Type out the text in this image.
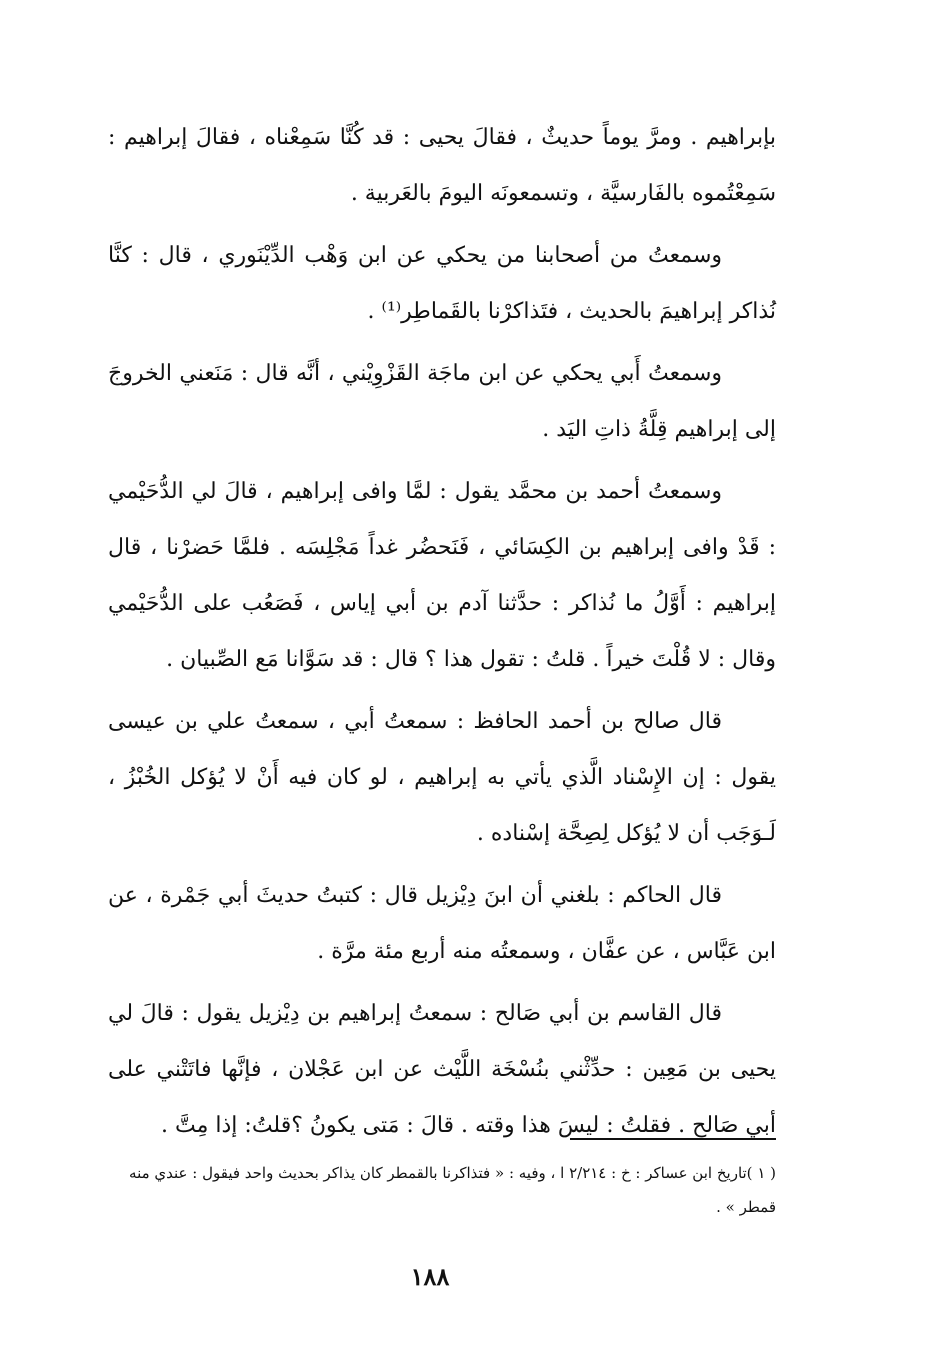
بإبراهيم . ومرَّ يوماً حديثٌ ، فقالَ يحيى : قد كُنَّا سَمِعْناه ، فقالَ إبراهيم : سَمِعْتُموه بالفَارسيَّة ، وتسمعونَه اليومَ بالعَربية .

وسمعتُ من أصحابنا من يحكي عن ابن وَهْب الدِّيْنَوري ، قال : كنَّا نُذاكر إبراهيمَ بالحديث ، فتَذاكرْنا بالقَماطِر⁽¹⁾ .

وسمعتُ أَبي يحكي عن ابن ماجَة القَزْوِيْني ، أنَّه قال : مَنَعني الخروجَ إلى إبراهيم قِلَّةُ ذاتِ اليَد .

وسمعتُ أحمد بن محمَّد يقول : لمَّا وافى إبراهيم ، قالَ لي الدُّحَيْمي : قَدْ وافى إبراهيم بن الكِسَائي ، فَنَحضُر غداً مَجْلِسَه . فلمَّا حَضرْنا ، قال إبراهيم : أَوَّلُ ما نُذاكر : حدَّثنا آدم بن أبي إياس ، فَصَعُب على الدُّحَيْمي وقال : لا قُلْتَ خيراً . قلتُ : تقول هذا ؟ قال : قد سَوَّانا مَع الصِّبيان .

قال صالح بن أحمد الحافظ : سمعتُ أبي ، سمعتُ علي بن عيسى يقول : إن الإِسْناد الَّذي يأتي به إبراهيم ، لو كان فيه أَنْ لا يُؤكل الخُبْزُ ، لَـوَجَب أن لا يُؤكل لِصِحَّة إسْناده .

قال الحاكم : بلغني أن ابنَ دِيْزيل قال : كتبتُ حديثَ أبي جَمْرة ، عن ابن عَبَّاس ، عن عفَّان ، وسمعتُه منه أربع مئة مرَّة .

قال القاسم بن أبي صَالح : سمعتُ إبراهيم بن دِيْزيل يقول : قالَ لي يحيى بن مَعِين : حدِّثْني بنُسْخَة اللَّيْث عن ابن عَجْلان ، فإنَّها فاتَتْني على أبي صَالح . فقلتُ : ليسَ هذا وقته . قالَ : مَتى يكونُ ؟قلتُ: إذا مِتَّ .

( ١ )تاريخ ابن عساكر : خ : ٢/٢١٤ ا ، وفيه : « فتذاكرنا بالقمطر كان يذاكر بحديث واحد فيقول : عندي منه قمطر » .
١٨٨
